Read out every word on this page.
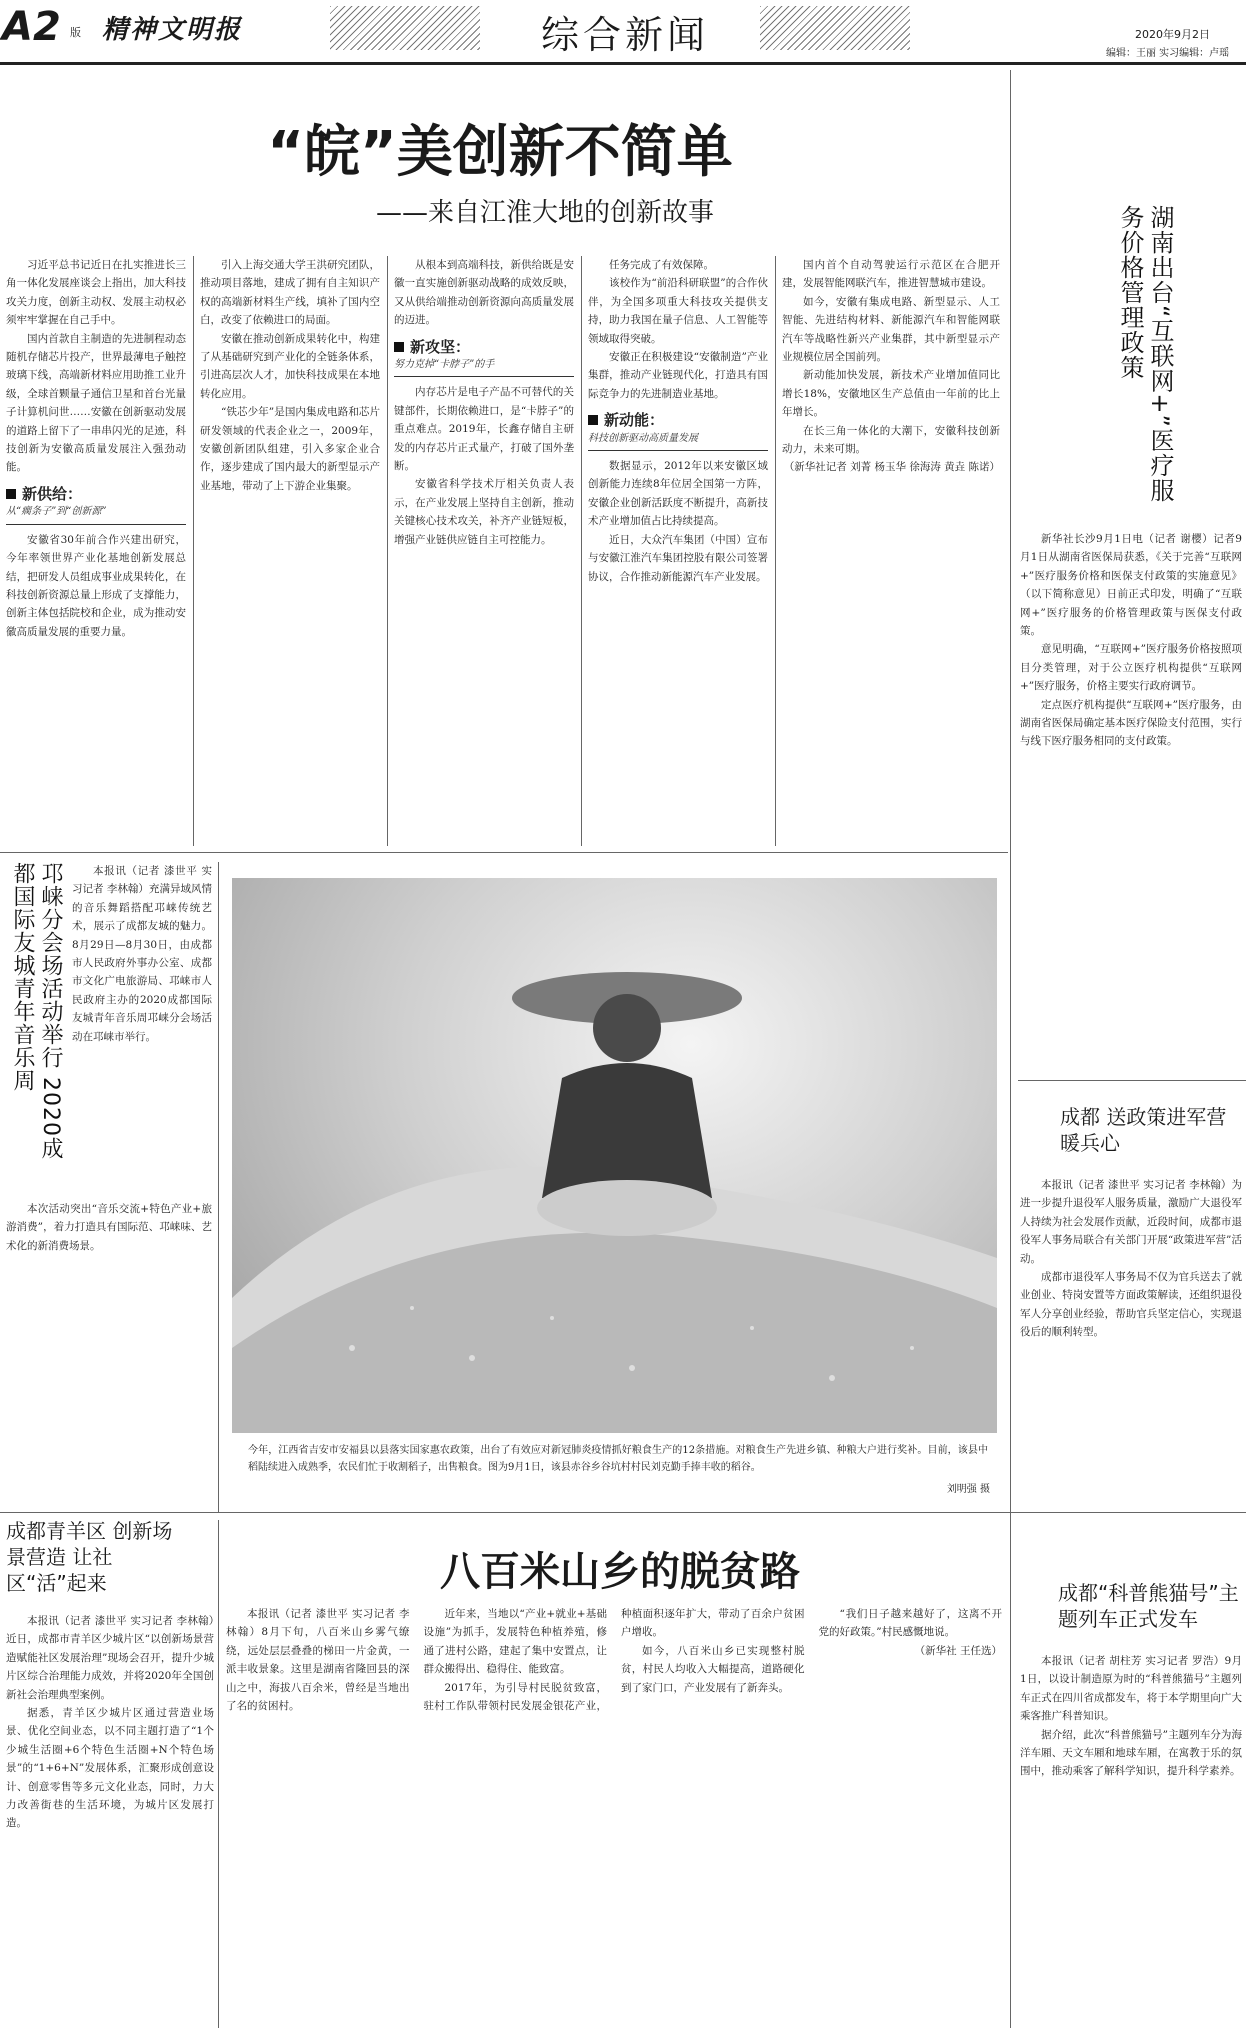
A2 版 精神文明报	综合新闻	2020年9月2日
编辑：王丽 实习编辑：卢瑶
“皖”美创新不简单
——来自江淮大地的创新故事

习近平总书记近日在扎实推进长三角一体化发展座谈会上指出，加大科技攻关力度，创新主动权、发展主动权必须牢牢掌握在自己手中。

国内首款自主制造的先进制程动态随机存储芯片投产，世界最薄电子触控玻璃下线，高端新材料应用助推工业升级，全球首颗量子通信卫星和首台光量子计算机问世……安徽在创新驱动发展的道路上留下了一串串闪光的足迹，科技创新为安徽高质量发展注入强劲动能。

新供给：
从“瘸条子”到“创新源”

安徽省30年前合作兴建出研究，今年率领世界产业化基地创新发展总结，把研发人员组成事业成果转化，在科技创新资源总量上形成了支撑能力，创新主体包括院校和企业，成为推动安徽高质量发展的重要力量。

引入上海交通大学王洪研究团队，推动项目落地，建成了拥有自主知识产权的高端新材料生产线，填补了国内空白，改变了依赖进口的局面。

安徽在推动创新成果转化中，构建了从基础研究到产业化的全链条体系，引进高层次人才，加快科技成果在本地转化应用。

“铁芯少年”是国内集成电路和芯片研发领域的代表企业之一，2009年，安徽创新团队组建，引入多家企业合作，逐步建成了国内最大的新型显示产业基地，带动了上下游企业集聚。

从根本到高端科技，新供给既是安徽一直实施创新驱动战略的成效反映，又从供给端推动创新资源向高质量发展的迈进。

新攻坚：
努力克掉“卡脖子”的手

内存芯片是电子产品不可替代的关键部件，长期依赖进口，是“卡脖子”的重点难点。2019年，长鑫存储自主研发的内存芯片正式量产，打破了国外垄断。

安徽省科学技术厅相关负责人表示，在产业发展上坚持自主创新，推动关键核心技术攻关，补齐产业链短板，增强产业链供应链自主可控能力。

任务完成了有效保障。

该校作为“前沿科研联盟”的合作伙伴，为全国多项重大科技攻关提供支持，助力我国在量子信息、人工智能等领域取得突破。

安徽正在积极建设“安徽制造”产业集群，推动产业链现代化，打造具有国际竞争力的先进制造业基地。

新动能：
科技创新驱动高质量发展

数据显示，2012年以来安徽区域创新能力连续8年位居全国第一方阵，安徽企业创新活跃度不断提升，高新技术产业增加值占比持续提高。

近日，大众汽车集团（中国）宣布与安徽江淮汽车集团控股有限公司签署协议，合作推动新能源汽车产业发展。

国内首个自动驾驶运行示范区在合肥开建，发展智能网联汽车，推进智慧城市建设。

如今，安徽有集成电路、新型显示、人工智能、先进结构材料、新能源汽车和智能网联汽车等战略性新兴产业集群，其中新型显示产业规模位居全国前列。

新动能加快发展，新技术产业增加值同比增长18%，安徽地区生产总值由一年前的比上年增长。

在长三角一体化的大潮下，安徽科技创新动力，未来可期。

（新华社记者 刘菁 杨玉华 徐海涛 黄垚 陈诺）	湖南出台“互联网+”医疗服务价格管理政策

新华社长沙9月1日电（记者 谢樱）记者9月1日从湖南省医保局获悉，《关于完善“互联网+”医疗服务价格和医保支付政策的实施意见》（以下简称意见）日前正式印发，明确了“互联网+”医疗服务的价格管理政策与医保支付政策。

意见明确，“互联网+”医疗服务价格按照项目分类管理，对于公立医疗机构提供“互联网+”医疗服务，价格主要实行政府调节。

定点医疗机构提供“互联网+”医疗服务，由湖南省医保局确定基本医疗保险支付范围，实行与线下医疗服务相同的支付政策。

邛崃分会场活动举行 2020成都国际友城青年音乐周	本报讯（记者 漆世平 实习记者 李林翰）充满异域风情的音乐舞蹈搭配邛崃传统艺术，展示了成都友城的魅力。8月29日—8月30日，由成都市人民政府外事办公室、成都市文化广电旅游局、邛崃市人民政府主办的2020成都国际友城青年音乐周邛崃分会场活动在邛崃市举行。

本次活动突出“音乐交流+特色产业+旅游消费”，着力打造具有国际范、邛崃味、艺术化的新消费场景。

今年，江西省吉安市安福县以县落实国家惠农政策，出台了有效应对新冠肺炎疫情抓好粮食生产的12条措施。对粮食生产先进乡镇、种粮大户进行奖补。目前，该县中稻陆续进入成熟季，农民们忙于收割稻子，出售粮食。图为9月1日，该县赤谷乡谷坑村村民刘克勤手捧丰收的稻谷。
刘明强 摄
成都 送政策进军营暖兵心

本报讯（记者 漆世平 实习记者 李林翰）为进一步提升退役军人服务质量，激励广大退役军人持续为社会发展作贡献，近段时间，成都市退役军人事务局联合有关部门开展“政策进军营”活动。

成都市退役军人事务局不仅为官兵送去了就业创业、特岗安置等方面政策解读，还组织退役军人分享创业经验，帮助官兵坚定信心，实现退役后的顺利转型。

成都青羊区 创新场景营造 让社区“活”起来

本报讯（记者 漆世平 实习记者 李林翰）近日，成都市青羊区少城片区“以创新场景营造赋能社区发展治理”现场会召开，提升少城片区综合治理能力成效，并将2020年全国创新社会治理典型案例。

据悉，青羊区少城片区通过营造业场景、优化空间业态，以不同主题打造了“1个少城生活圈+6个特色生活圈+N个特色场景”的“1+6+N”发展体系，汇聚形成创意设计、创意零售等多元文化业态，同时，力大力改善街巷的生活环境，为城片区发展打造。

八百米山乡的脱贫路

本报讯（记者 漆世平 实习记者 李林翰）8月下旬，八百米山乡雾气缭绕，远处层层叠叠的梯田一片金黄，一派丰收景象。这里是湖南省隆回县的深山之中，海拔八百余米，曾经是当地出了名的贫困村。

近年来，当地以“产业+就业+基础设施”为抓手，发展特色种植养殖，修通了进村公路，建起了集中安置点，让群众搬得出、稳得住、能致富。

2017年，为引导村民脱贫致富，驻村工作队带领村民发展金银花产业，种植面积逐年扩大，带动了百余户贫困户增收。

如今，八百米山乡已实现整村脱贫，村民人均收入大幅提高，道路硬化到了家门口，产业发展有了新奔头。

“我们日子越来越好了，这离不开党的好政策。”村民感慨地说。

（新华社 王任选）

成都“科普熊猫号”主题列车正式发车

本报讯（记者 胡柱芳 实习记者 罗浩）9月1日，以设计制造原为时的“科普熊猫号”主题列车正式在四川省成都发车，将于本学期里向广大乘客推广科普知识。

据介绍，此次“科普熊猫号”主题列车分为海洋车厢、天文车厢和地球车厢，在寓教于乐的氛围中，推动乘客了解科学知识，提升科学素养。
